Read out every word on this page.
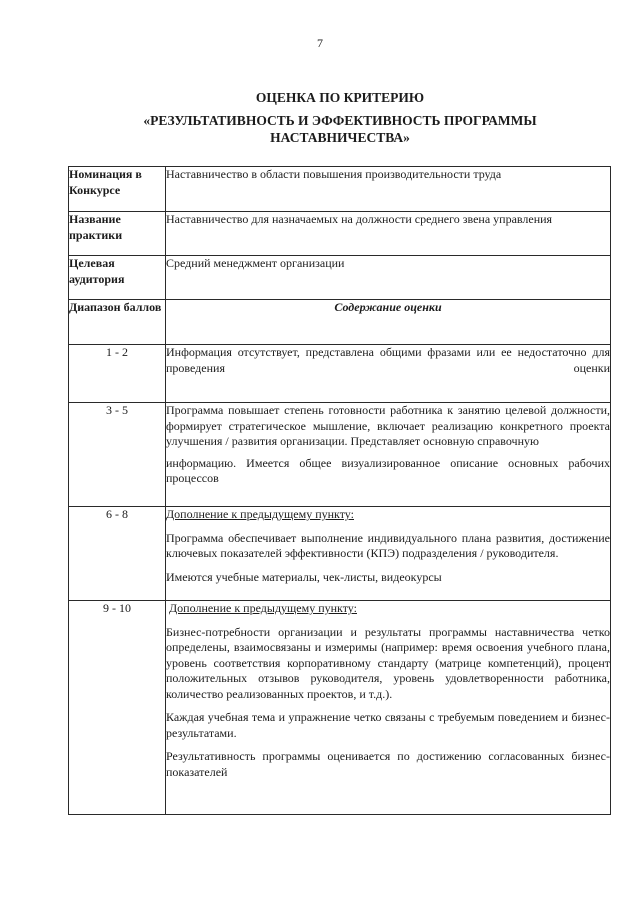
7
ОЦЕНКА ПО КРИТЕРИЮ
«РЕЗУЛЬТАТИВНОСТЬ И ЭФФЕКТИВНОСТЬ ПРОГРАММЫ
НАСТАВНИЧЕСТВА»
Номинация в Конкурсе	Наставничество в области повышения производительности труда
Название практики	Наставничество для назначаемых на должности среднего звена управления
Целевая аудитория	Средний менеджмент организации
Диапазон баллов	Содержание оценки
1 - 2	Информация отсутствует, представлена общими фразами или ее недостаточно для проведения оценки

3 - 5	Программа повышает степень готовности работника к занятию целевой должности, формирует стратегическое мышление, включает реализацию конкретного проекта улучшения / развития организации. Представляет основную справочную

информацию. Имеется общее визуализированное описание основных рабочих процессов

6 - 8	Дополнение к предыдущему пункту:

Программа обеспечивает выполнение индивидуального плана развития, достижение ключевых показателей эффективности (КПЭ) подразделения / руководителя.

Имеются учебные материалы, чек-листы, видеокурсы

9 - 10	Дополнение к предыдущему пункту:

Бизнес-потребности организации и результаты программы наставничества четко определены, взаимосвязаны и измеримы (например: время освоения учебного плана, уровень соответствия корпоративному стандарту (матрице компетенций), процент положительных отзывов руководителя, уровень удовлетворенности работника, количество реализованных проектов, и т.д.).

Каждая учебная тема и упражнение четко связаны с требуемым поведением и бизнес-результатами.

Результативность программы оценивается по достижению согласованных бизнес- показателей
